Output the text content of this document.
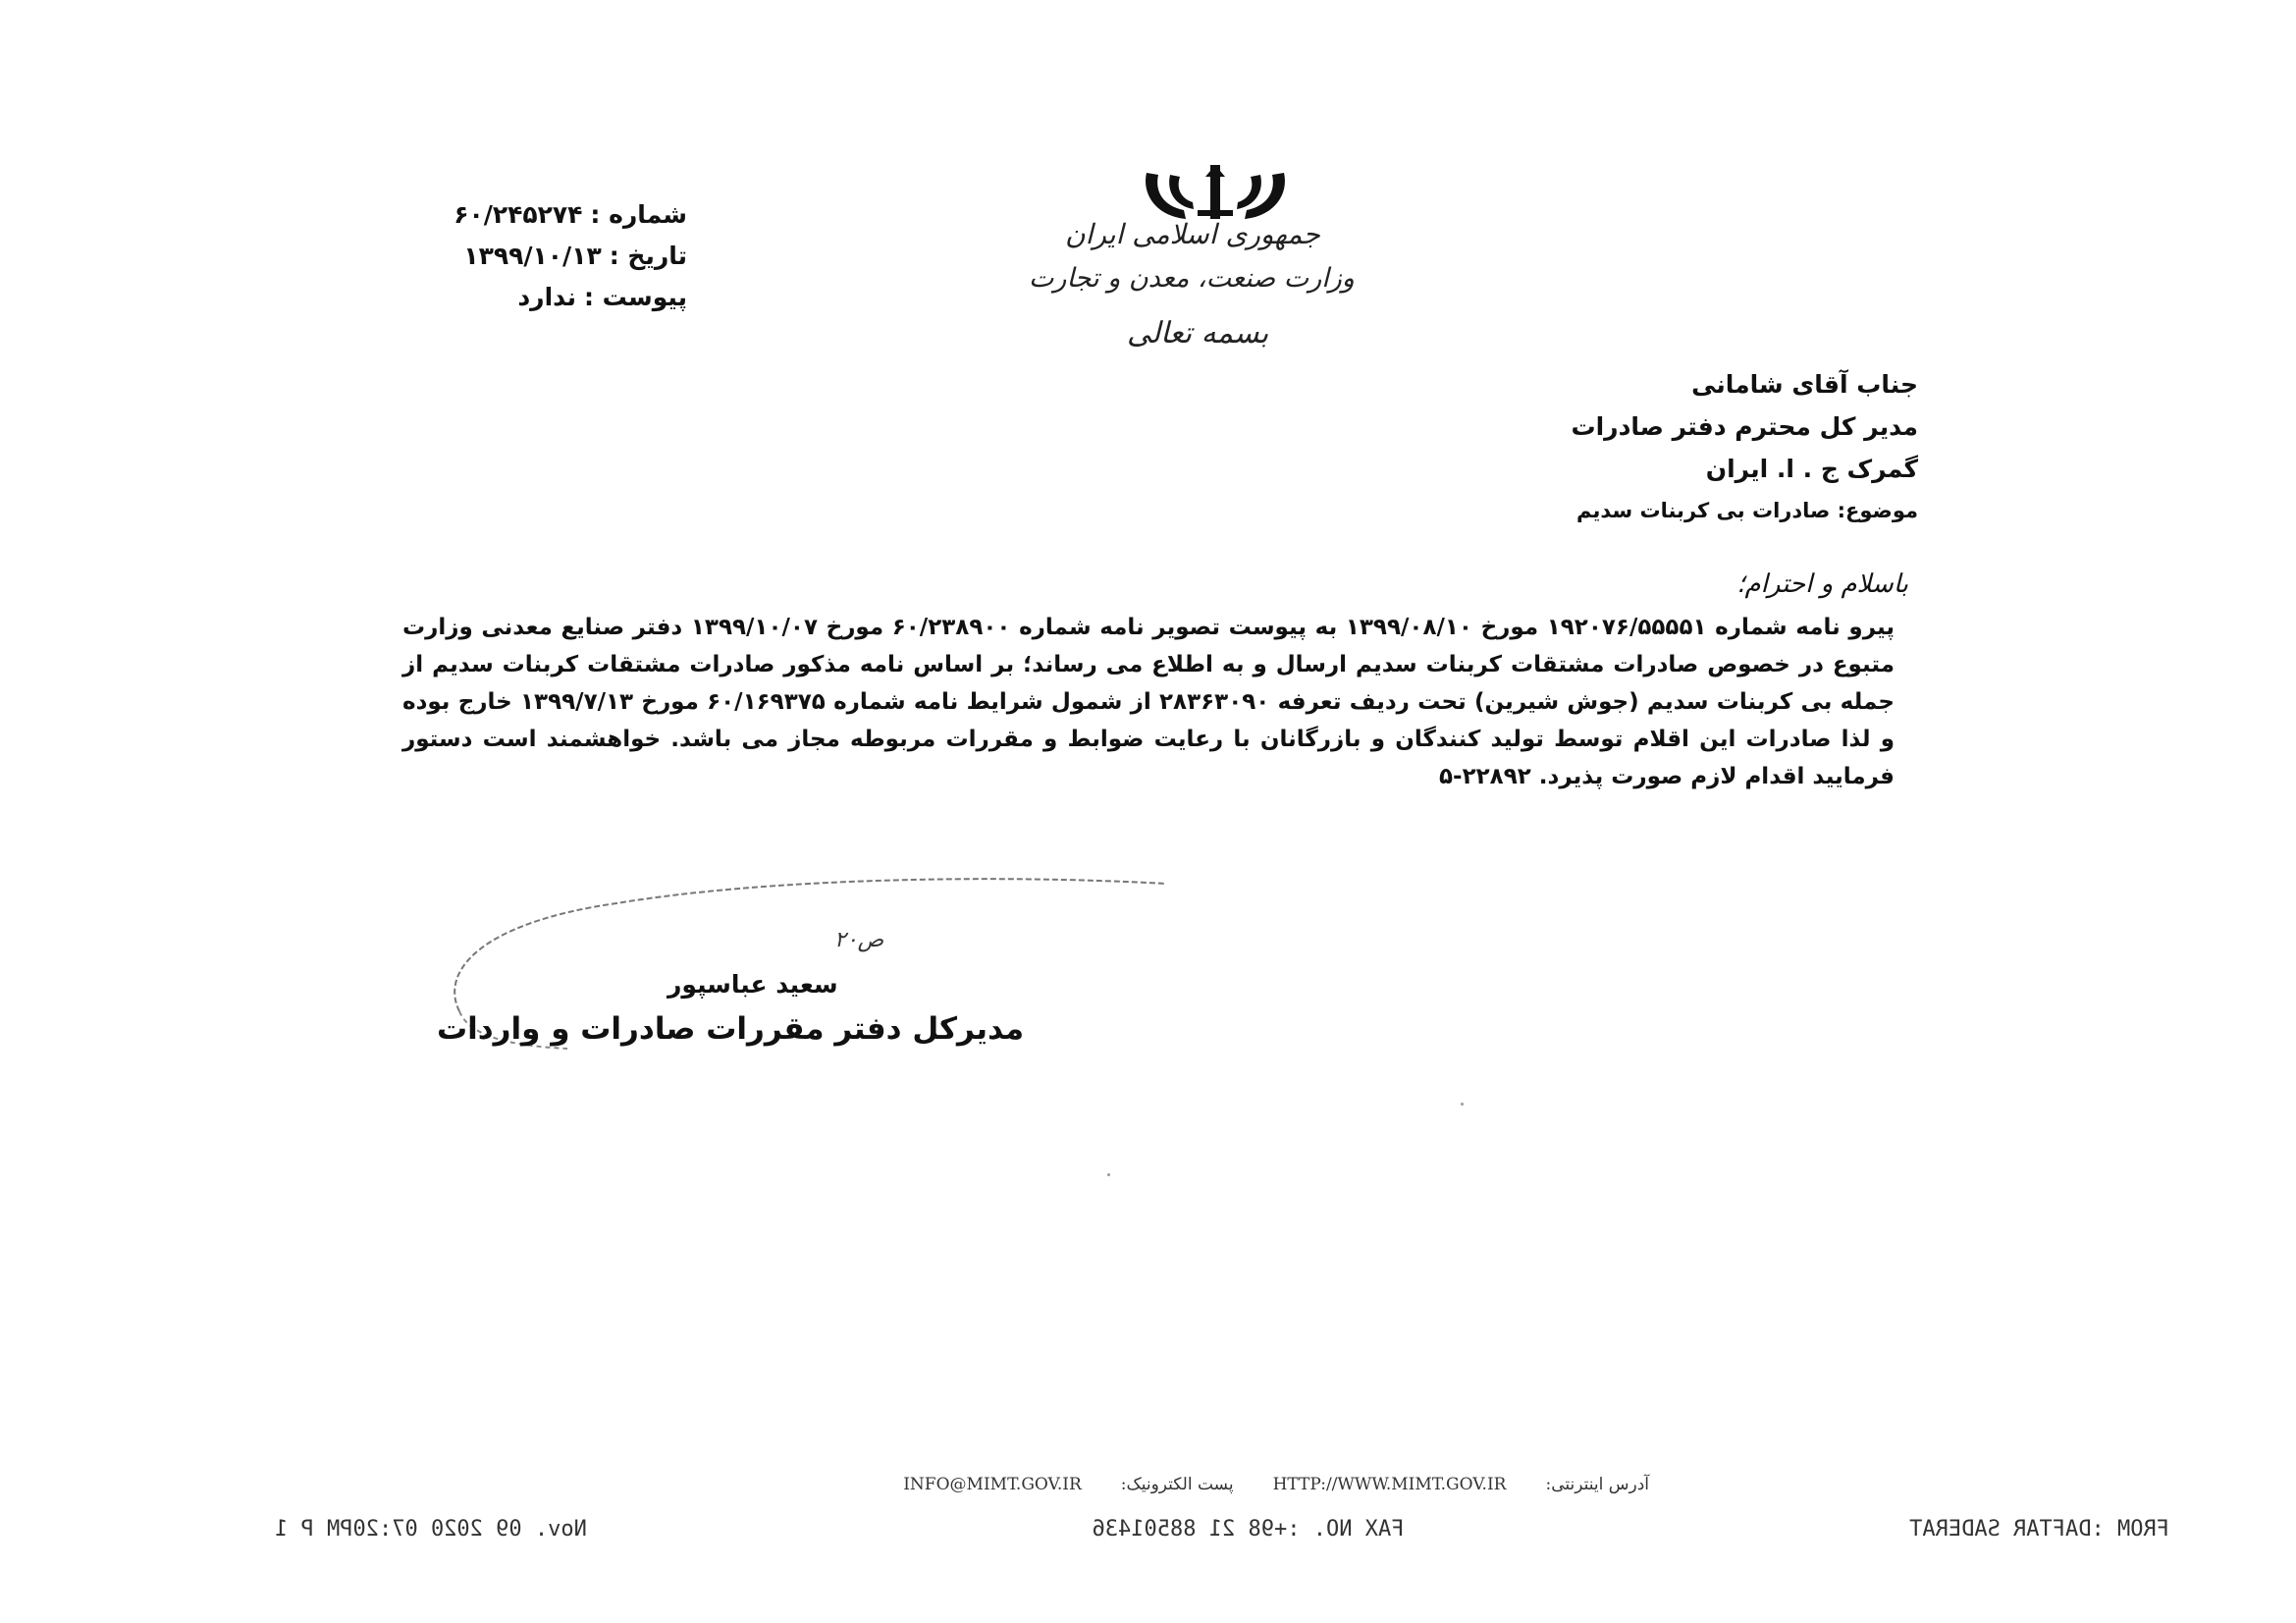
جمهوری اسلامی ایران
وزارت صنعت، معدن و تجارت
بسمه تعالی
شماره :
۶۰/۲۴۵۲۷۴
تاریخ :
۱۳۹۹/۱۰/۱۳
پیوست :
ندارد
جناب آقای شامانی
مدیر کل محترم دفتر صادرات
گمرک ج . ا. ایران
موضوع: صادرات بی کربنات سدیم
باسلام و احترام؛
پیرو نامه شماره ۱۹۲۰۷۶/۵۵۵۵۱ مورخ ۱۳۹۹/۰۸/۱۰ به پیوست تصویر نامه شماره ۶۰/۲۳۸۹۰۰ مورخ ۱۳۹۹/۱۰/۰۷ دفتر صنایع معدنی وزارت متبوع در خصوص صادرات مشتقات کربنات سدیم ارسال و به اطلاع می رساند؛ بر اساس نامه مذکور صادرات مشتقات کربنات سدیم از جمله بی کربنات سدیم (جوش شیرین) تحت ردیف تعرفه ۲۸۳۶۳۰۹۰ از شمول شرایط نامه شماره ۶۰/۱۶۹۳۷۵ مورخ ۱۳۹۹/۷/۱۳ خارج بوده و لذا صادرات این اقلام توسط تولید کنندگان و بازرگانان با رعایت ضوابط و مقررات مربوطه مجاز می باشد. خواهشمند است دستور فرمایید اقدام لازم صورت پذیرد. ۲۲۸۹۲-۵
ص۲۰
سعید عباسپور
مدیرکل دفتر مقررات صادرات و واردات
آدرس اینترنتی:
HTTP://WWW.MIMT.GOV.IR
پست الکترونیک:
INFO@MIMT.GOV.IR
FROM :DAFTAR SADERAT
FAX NO. :+98 21 88501436
Nov. 09 2020 07:20PM P 1
